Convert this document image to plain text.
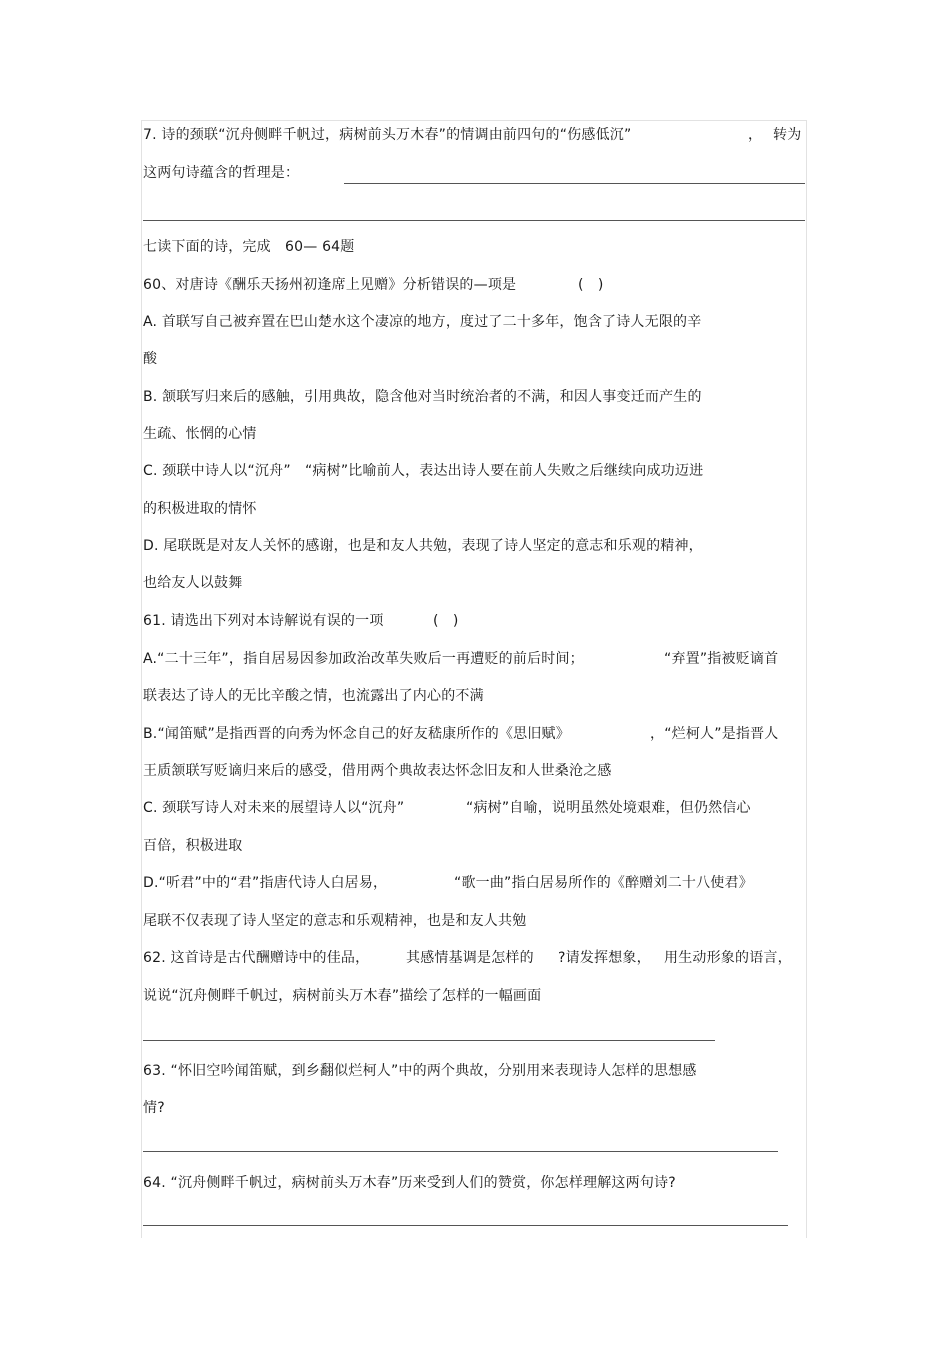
7. 诗的颈联“沉舟侧畔千帆过，病树前头万木春”的情调由前四句的“伤感低沉”	， 转为
这两句诗蕴含的哲理是：
七读下面的诗，完成　60— 64题
60、对唐诗《酬乐天扬州初逢席上见赠》分析错误的—项是	(　)
A. 首联写自己被弃置在巴山楚水这个凄凉的地方，度过了二十多年，饱含了诗人无限的辛
酸
B. 颔联写归来后的感触，引用典故，隐含他对当时统治者的不满，和因人事变迁而产生的
生疏、怅惘的心情
C. 颈联中诗人以“沉舟”　“病树”比喻前人，表达出诗人要在前人失败之后继续向成功迈进
的积极进取的情怀
D. 尾联既是对友人关怀的感谢，也是和友人共勉，表现了诗人坚定的意志和乐观的精神，
也给友人以鼓舞
61. 请选出下列对本诗解说有误的一项	(　)
A.“二十三年”，指自居易因参加政治改革失败后一再遭贬的前后时间；	“弃置”指被贬谪首
联表达了诗人的无比辛酸之情，也流露出了内心的不满
B.“闻笛赋”是指西晋的向秀为怀念自己的好友嵇康所作的《思旧赋》	，“烂柯人”是指晋人
王质颔联写贬谪归来后的感受，借用两个典故表达怀念旧友和人世桑沧之感
C. 颈联写诗人对未来的展望诗人以“沉舟”	“病树”自喻，说明虽然处境艰难，但仍然信心
百倍，积极进取
D.“听君”中的“君”指唐代诗人白居易，	“歌一曲”指白居易所作的《醉赠刘二十八使君》
尾联不仅表现了诗人坚定的意志和乐观精神，也是和友人共勉
62. 这首诗是古代酬赠诗中的佳品，	其感情基调是怎样的 ?请发挥想象， 用生动形象的语言，
说说“沉舟侧畔千帆过，病树前头万木春”描绘了怎样的一幅画面
63. “怀旧空吟闻笛赋，到乡翻似烂柯人”中的两个典故，分别用来表现诗人怎样的思想感
情?
64. “沉舟侧畔千帆过，病树前头万木春”历来受到人们的赞赏，你怎样理解这两句诗?
